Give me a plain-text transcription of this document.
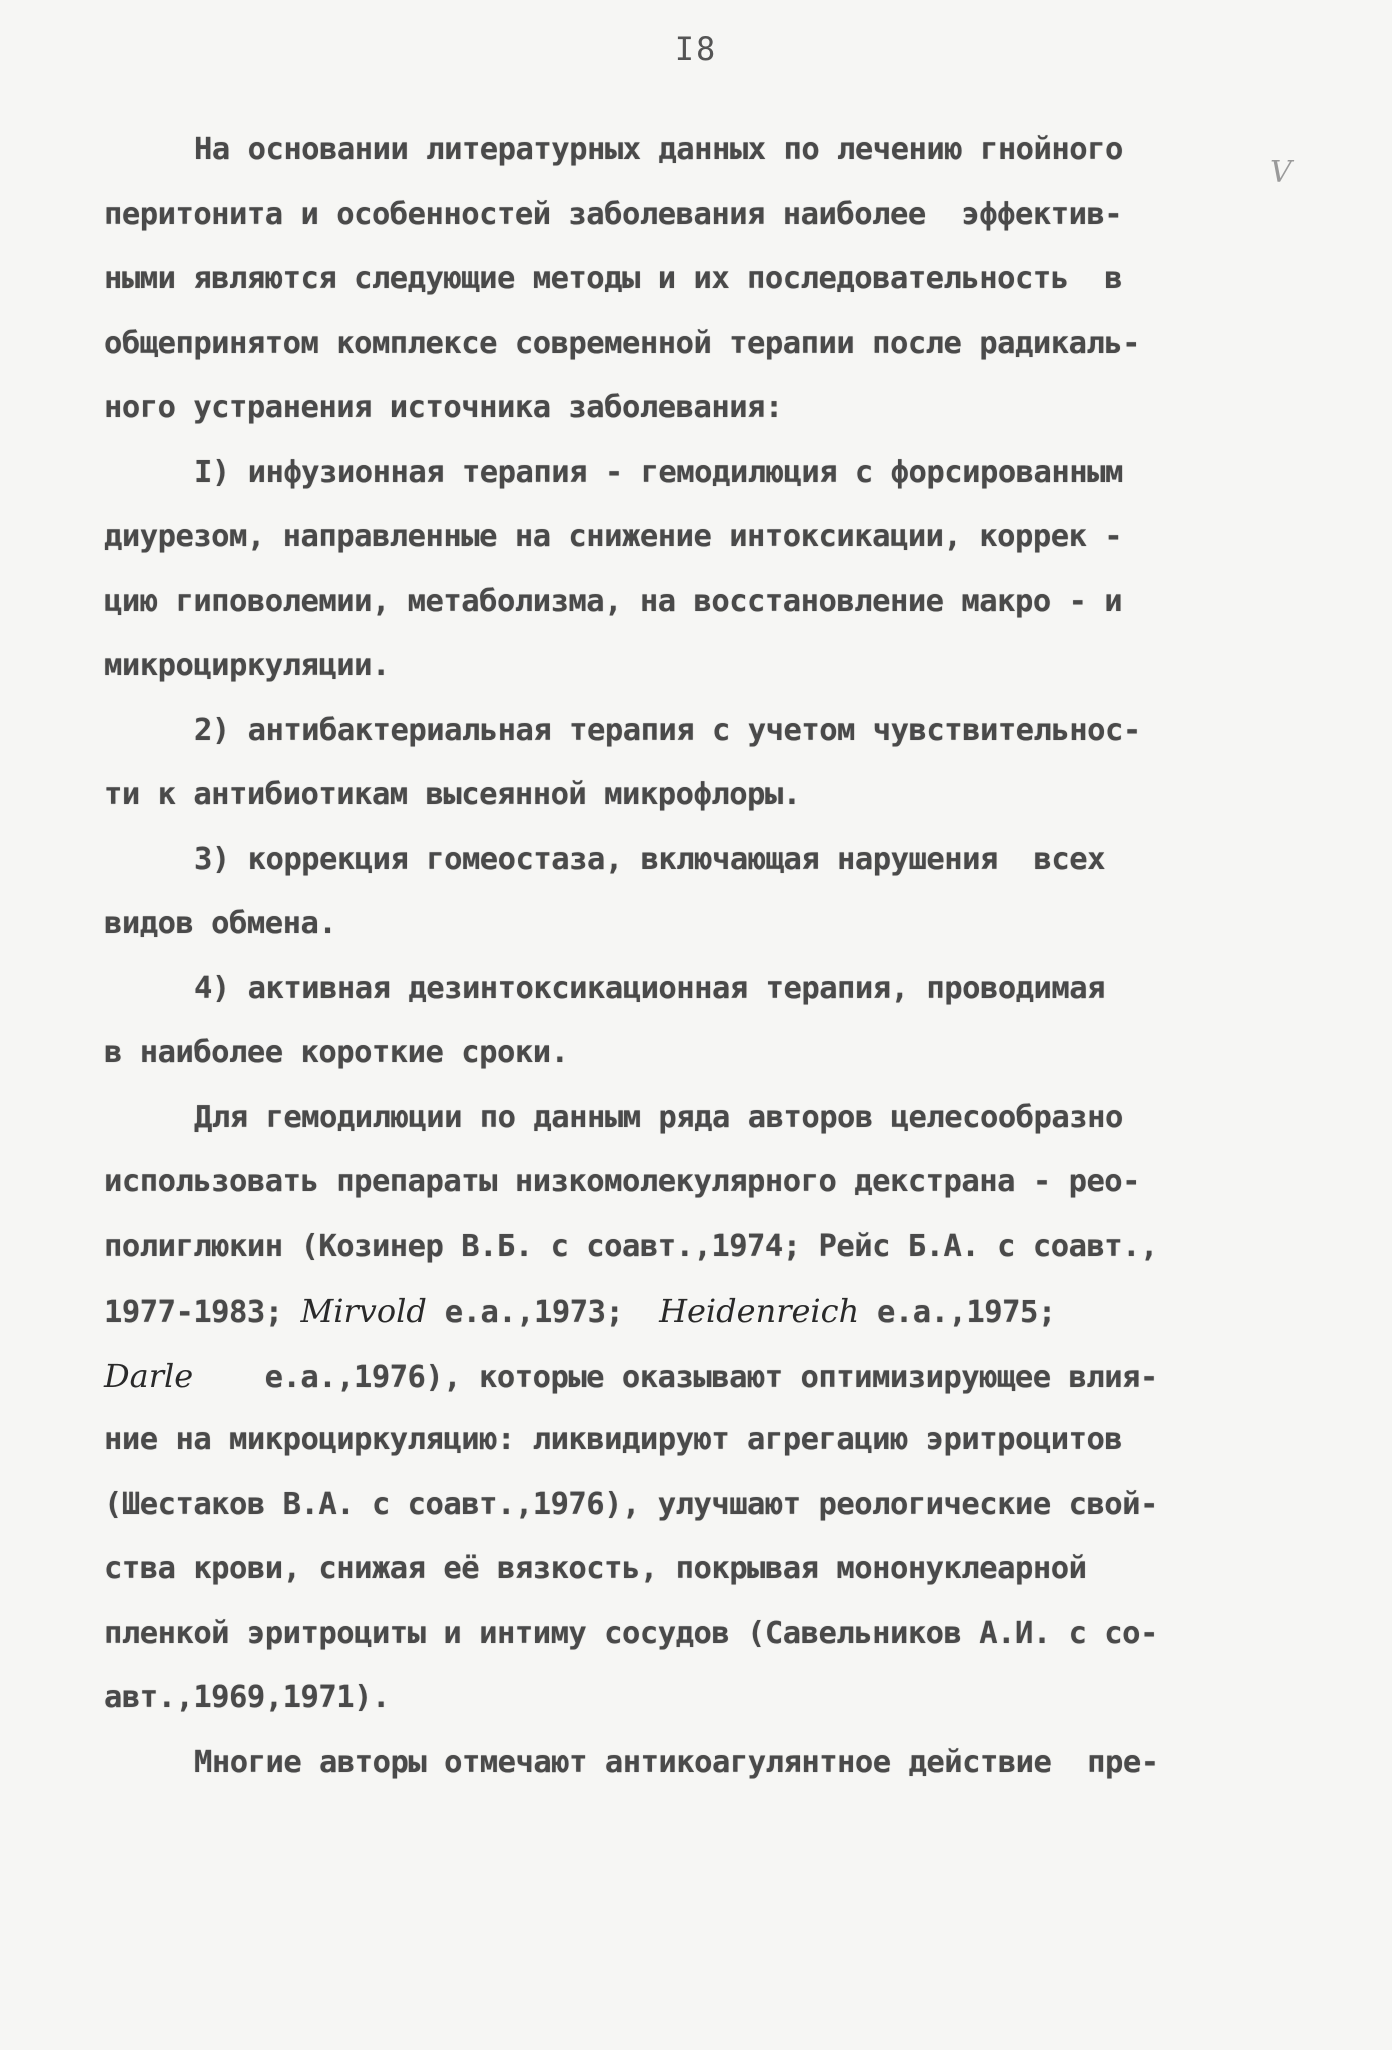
I8
V
На основании литературных данных по лечению гнойного
перитонита и особенностей заболевания наиболее  эффектив-
ными являются следующие методы и их последовательность  в
общепринятом комплексе современной терапии после радикаль-
ного устранения источника заболевания:
I) инфузионная терапия - гемодилюция с форсированным
диурезом, направленные на снижение интоксикации, коррек -
цию гиповолемии, метаболизма, на восстановление макро - и
микроциркуляции.
2) антибактериальная терапия с учетом чувствительнос-
ти к антибиотикам высеянной микрофлоры.
3) коррекция гомеостаза, включающая нарушения  всех
видов обмена.
4) активная дезинтоксикационная терапия, проводимая
в наиболее короткие сроки.
Для гемодилюции по данным ряда авторов целесообразно
использовать препараты низкомолекулярного декстрана - рео-
полиглюкин (Козинер В.Б. с соавт.,1974; Рейс Б.А. с соавт.,
1977-1983; Mirvold е.а.,1973;  Heidenreich е.а.,1975;
Darle    е.а.,1976), которые оказывают оптимизирующее влия-
ние на микроциркуляцию: ликвидируют агрегацию эритроцитов
(Шестаков В.А. с соавт.,1976), улучшают реологические свой-
ства крови, снижая её вязкость, покрывая мононуклеарной
пленкой эритроциты и интиму сосудов (Савельников А.И. с со-
авт.,1969,1971).
Многие авторы отмечают антикоагулянтное действие  пре-
